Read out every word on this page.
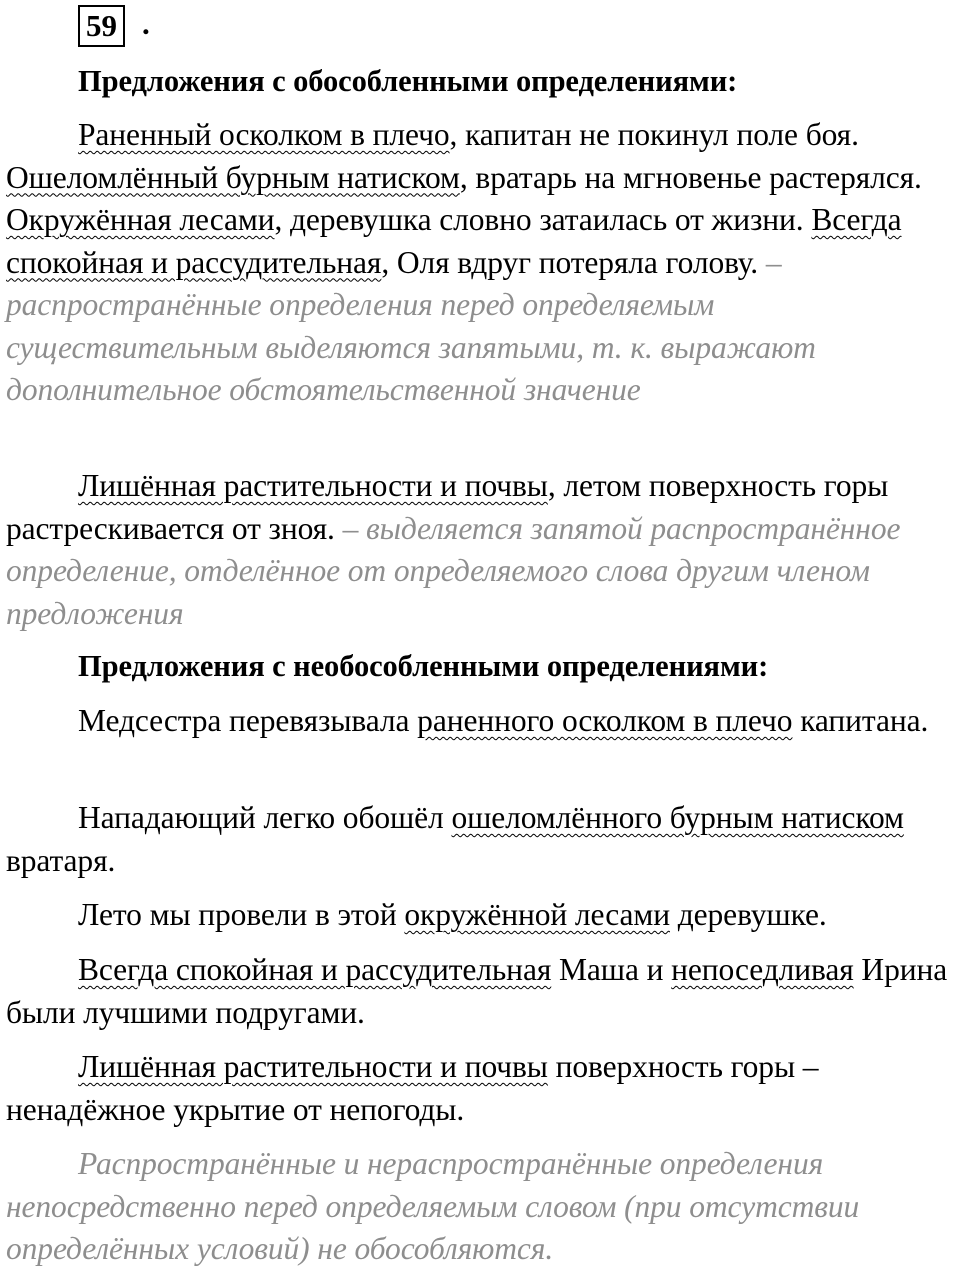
59 .

Предложения с обособленными определениями:

Раненный осколком в плечо, капитан не покинул поле боя. Ошеломлённый бурным натиском, вратарь на мгновенье растерялся. Окружённая лесами, деревушка словно затаилась от жизни. Всегда спокойная и рассудительная, Оля вдруг потеряла голову. – распространённые определения перед определяемым существительным выделяются запятыми, т. к. выражают дополнительное обстоятельственной значение

Лишённая растительности и почвы, летом поверхность горы растрескивается от зноя. – выделяется запятой распространённое определение, отделённое от определяемого слова другим членом предложения

Предложения с необособленными определениями:

Медсестра перевязывала раненного осколком в плечо капитана.

Нападающий легко обошёл ошеломлённого бурным натиском вратаря.

Лето мы провели в этой окружённой лесами деревушке.

Всегда спокойная и рассудительная Маша и непоседливая Ирина были лучшими подругами.

Лишённая растительности и почвы поверхность горы – ненадёжное укрытие от непогоды.

Распространённые и нераспространённые определения непосредственно перед определяемым словом (при отсутствии определённых условий) не обособляются.
